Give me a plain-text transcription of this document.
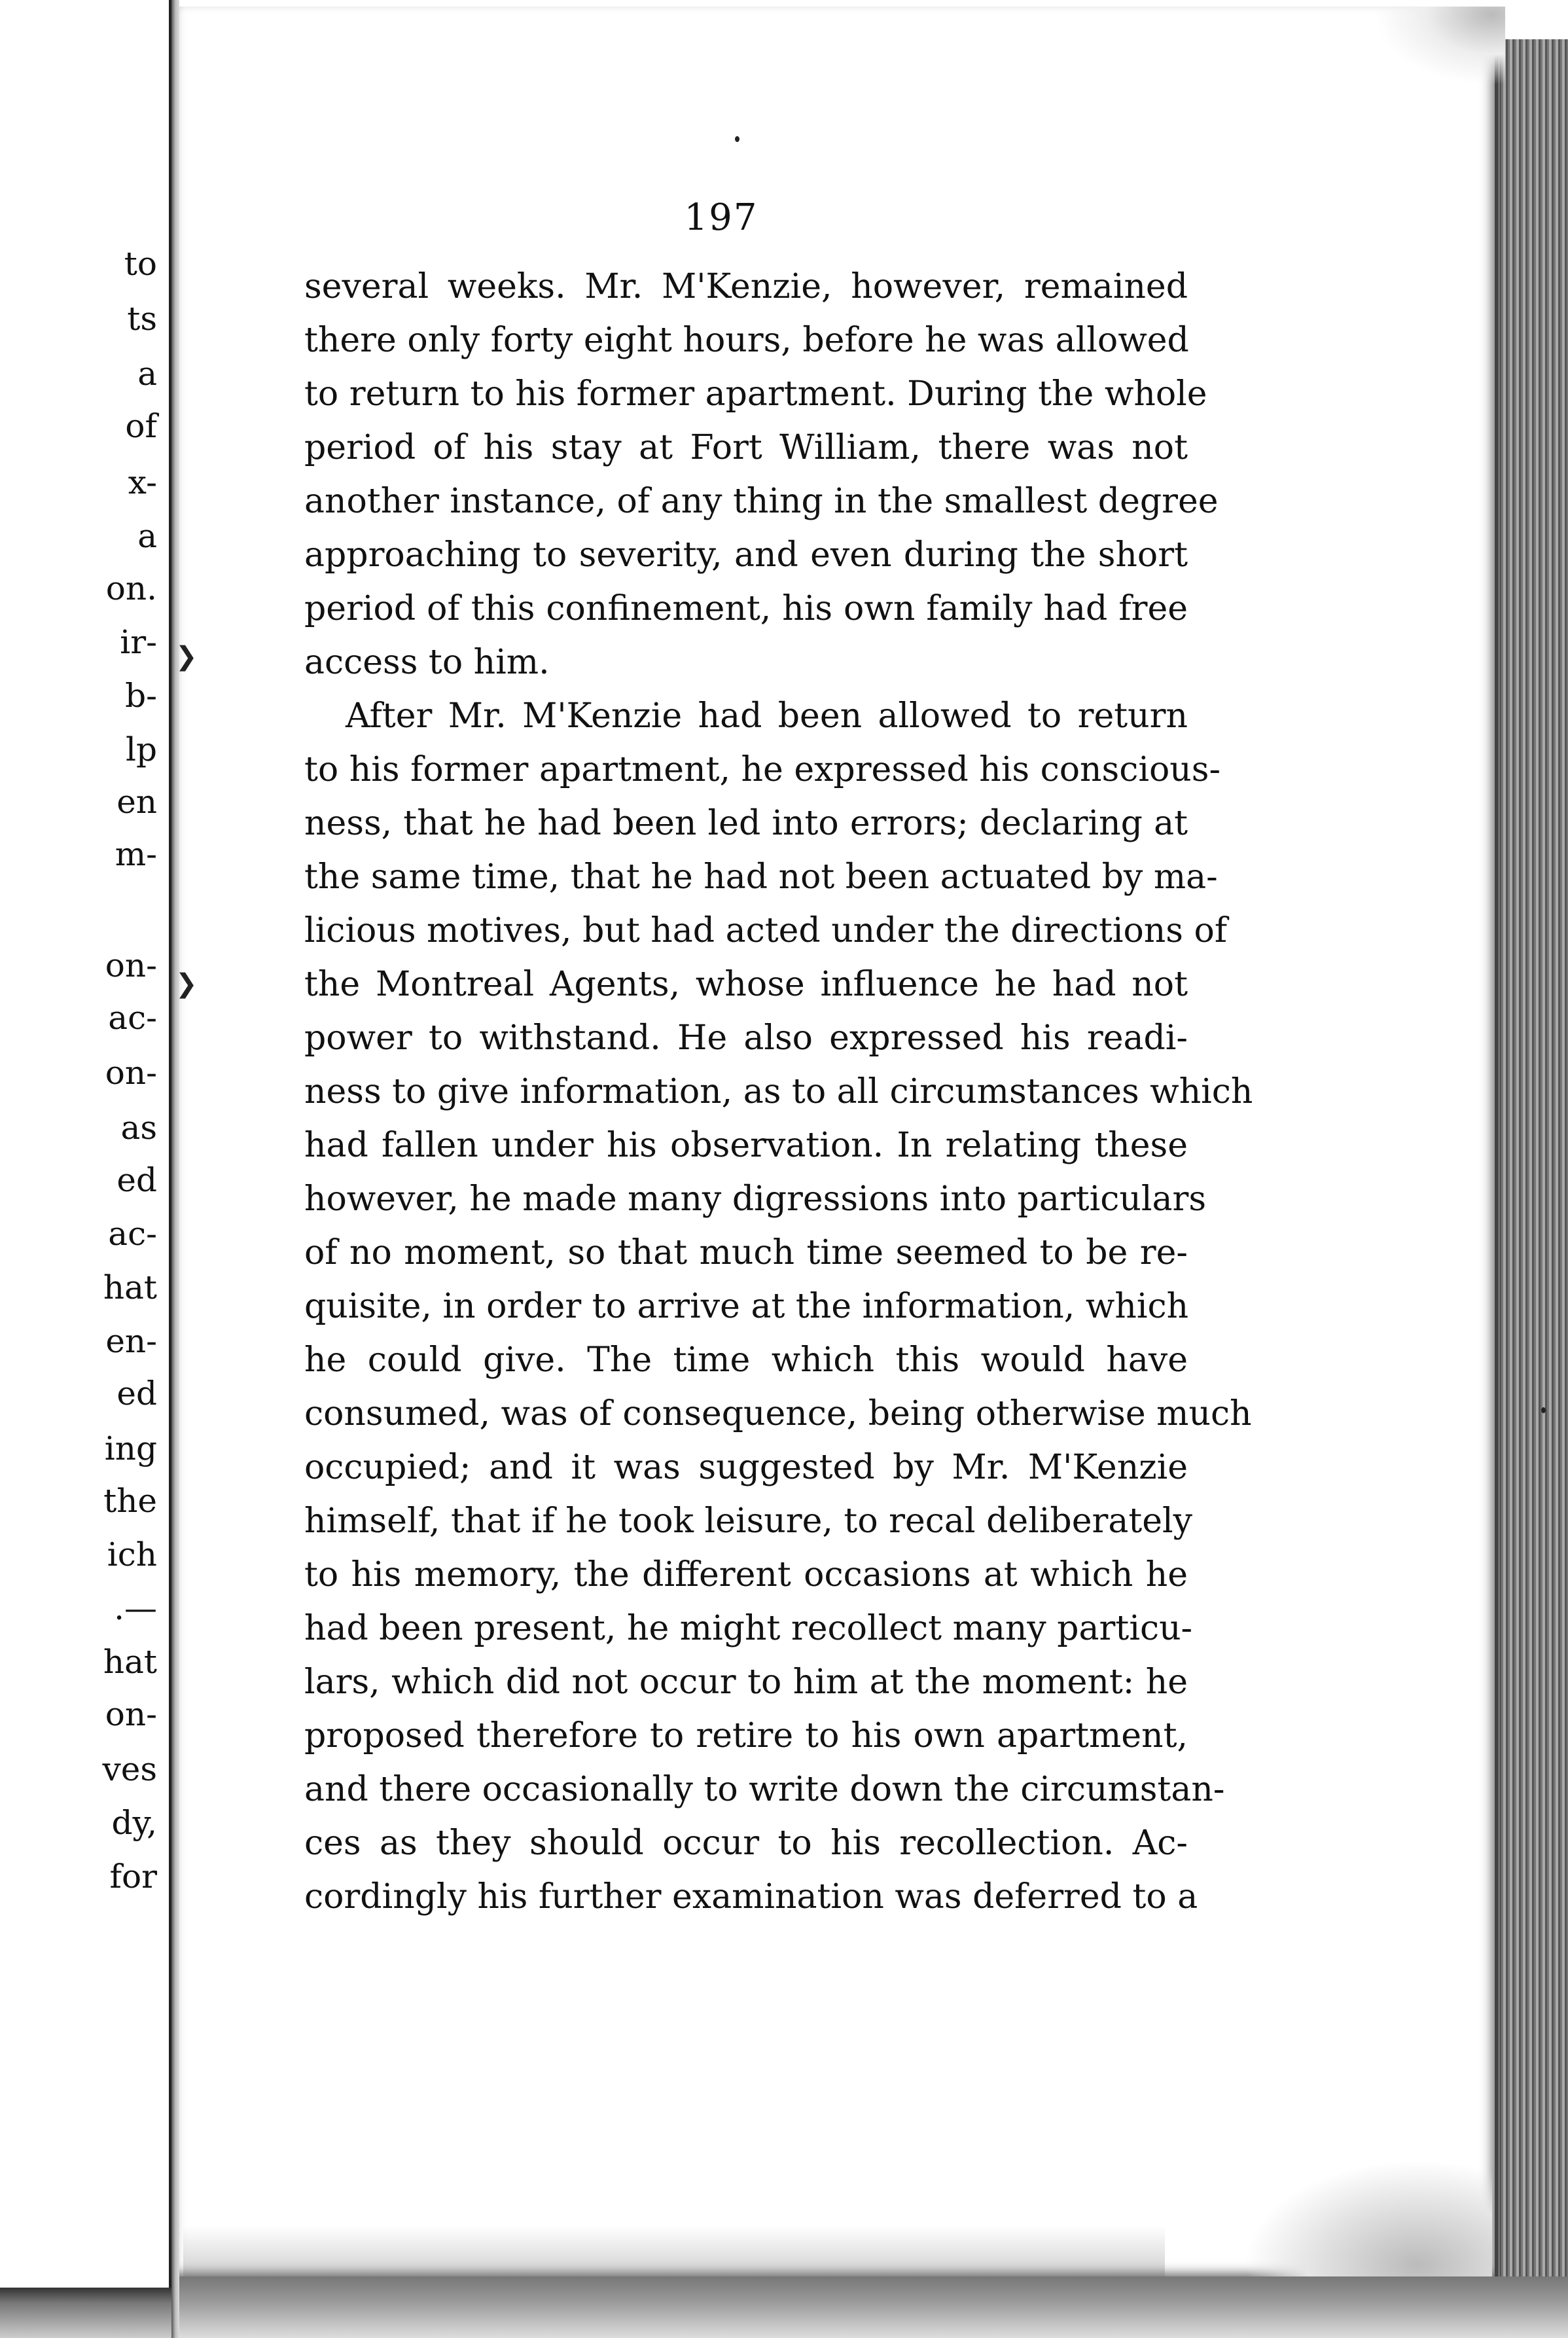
to
ts
a
of
x-
a
on.
ir-
b-
lp
en
m-
on-
ac-
on-
as
ed
ac-
hat
en-
ed
ing
the
ich
.—
hat
on-
ves
dy,
for
❯
❯
197
several weeks. Mr. M'Kenzie, however, remained
there only forty eight hours, before he was allowed
to return to his former apartment. During the whole
period of his stay at Fort William, there was not
another instance, of any thing in the smallest degree
approaching to severity, and even during the short
period of this confinement, his own family had free
access to him.
After Mr. M'Kenzie had been allowed to return
to his former apartment, he expressed his conscious-
ness, that he had been led into errors; declaring at
the same time, that he had not been actuated by ma-
licious motives, but had acted under the directions of
the Montreal Agents, whose influence he had not
power to withstand. He also expressed his readi-
ness to give information, as to all circumstances which
had fallen under his observation. In relating these
however, he made many digressions into particulars
of no moment, so that much time seemed to be re-
quisite, in order to arrive at the information, which
he could give. The time which this would have
consumed, was of consequence, being otherwise much
occupied; and it was suggested by Mr. M'Kenzie
himself, that if he took leisure, to recal deliberately
to his memory, the different occasions at which he
had been present, he might recollect many particu-
lars, which did not occur to him at the moment: he
proposed therefore to retire to his own apartment,
and there occasionally to write down the circumstan-
ces as they should occur to his recollection. Ac-
cordingly his further examination was deferred to a
